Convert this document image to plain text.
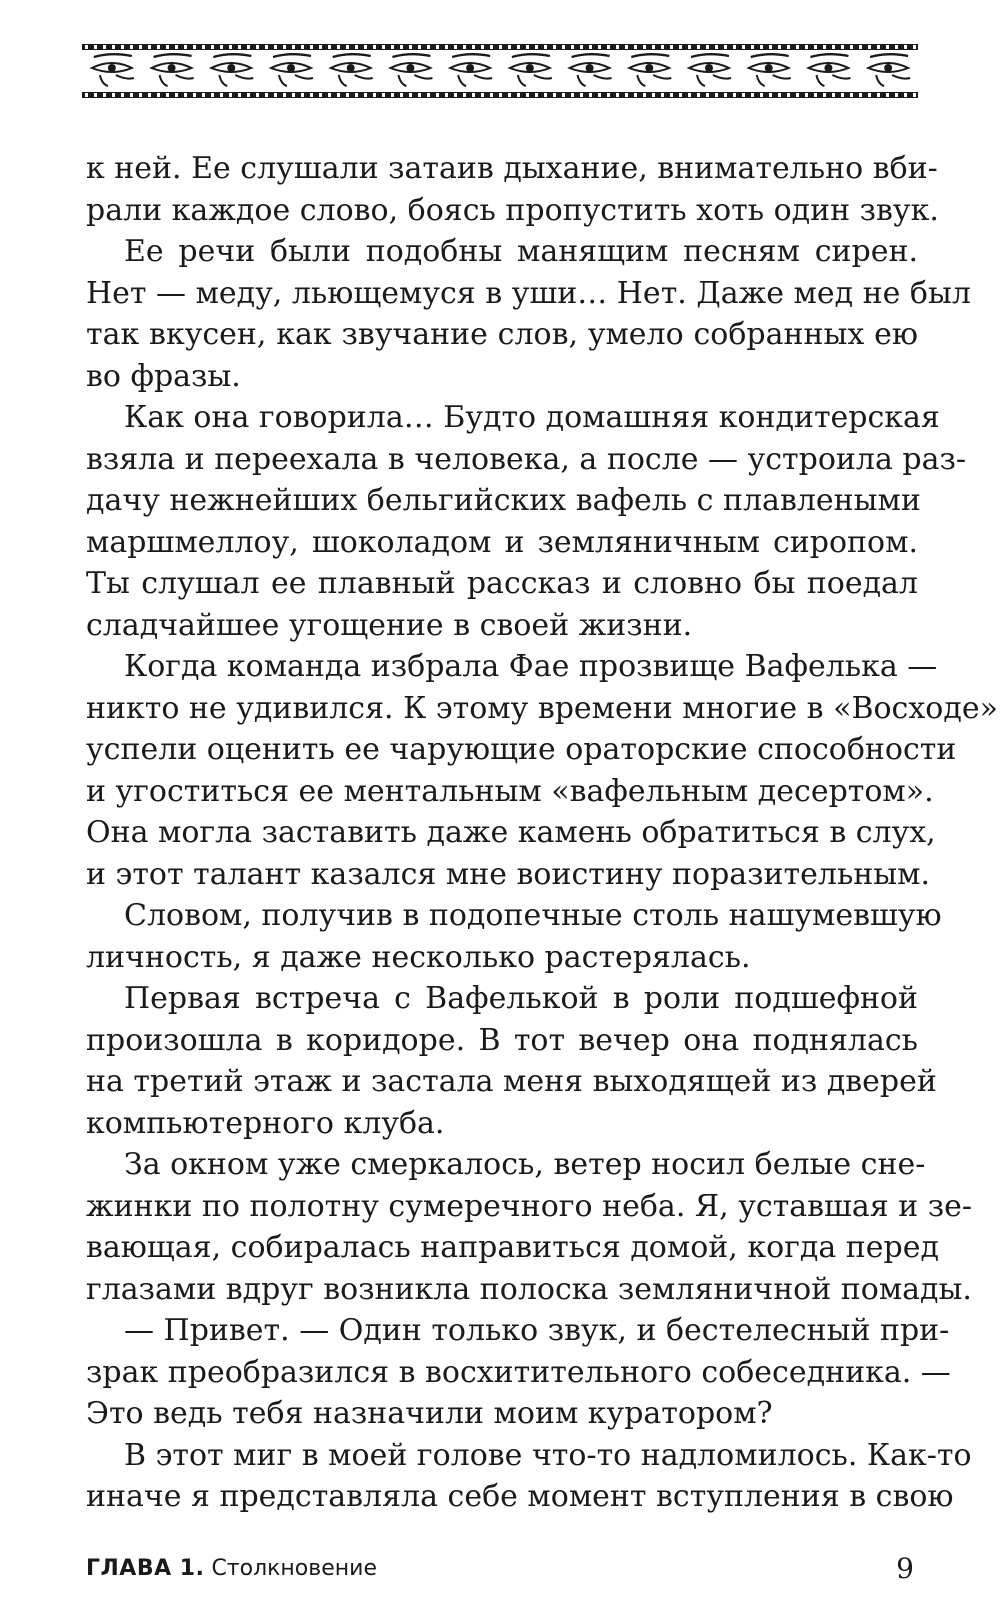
к ней. Ее слушали затаив дыхание, внимательно вби-
рали каждое слово, боясь пропустить хоть один звук.
Ее речи были подобны манящим песням сирен.
Нет — меду, льющемуся в уши… Нет. Даже мед не был
так вкусен, как звучание слов, умело собранных ею
во фразы.
Как она говорила… Будто домашняя кондитерская
взяла и переехала в человека, а после — устроила раз-
дачу нежнейших бельгийских вафель с плавлеными
маршмеллоу, шоколадом и земляничным сиропом.
Ты слушал ее плавный рассказ и словно бы поедал
сладчайшее угощение в своей жизни.
Когда команда избрала Фае прозвище Вафелька —
никто не удивился. К этому времени многие в «Восходе»
успели оценить ее чарующие ораторские способности
и угоститься ее ментальным «вафельным десертом».
Она могла заставить даже камень обратиться в слух,
и этот талант казался мне воистину поразительным.
Словом, получив в подопечные столь нашумевшую
личность, я даже несколько растерялась.
Первая встреча с Вафелькой в роли подшефной
произошла в коридоре. В тот вечер она поднялась
на третий этаж и застала меня выходящей из дверей
компьютерного клуба.
За окном уже смеркалось, ветер носил белые сне-
жинки по полотну сумеречного неба. Я, уставшая и зе-
вающая, собиралась направиться домой, когда перед
глазами вдруг возникла полоска земляничной помады.
— Привет. — Один только звук, и бестелесный при-
зрак преобразился в восхитительного собеседника. —
Это ведь тебя назначили моим куратором?
В этот миг в моей голове что-то надломилось. Как-то
иначе я представляла себе момент вступления в свою
ГЛАВА 1. Столкновение	9
